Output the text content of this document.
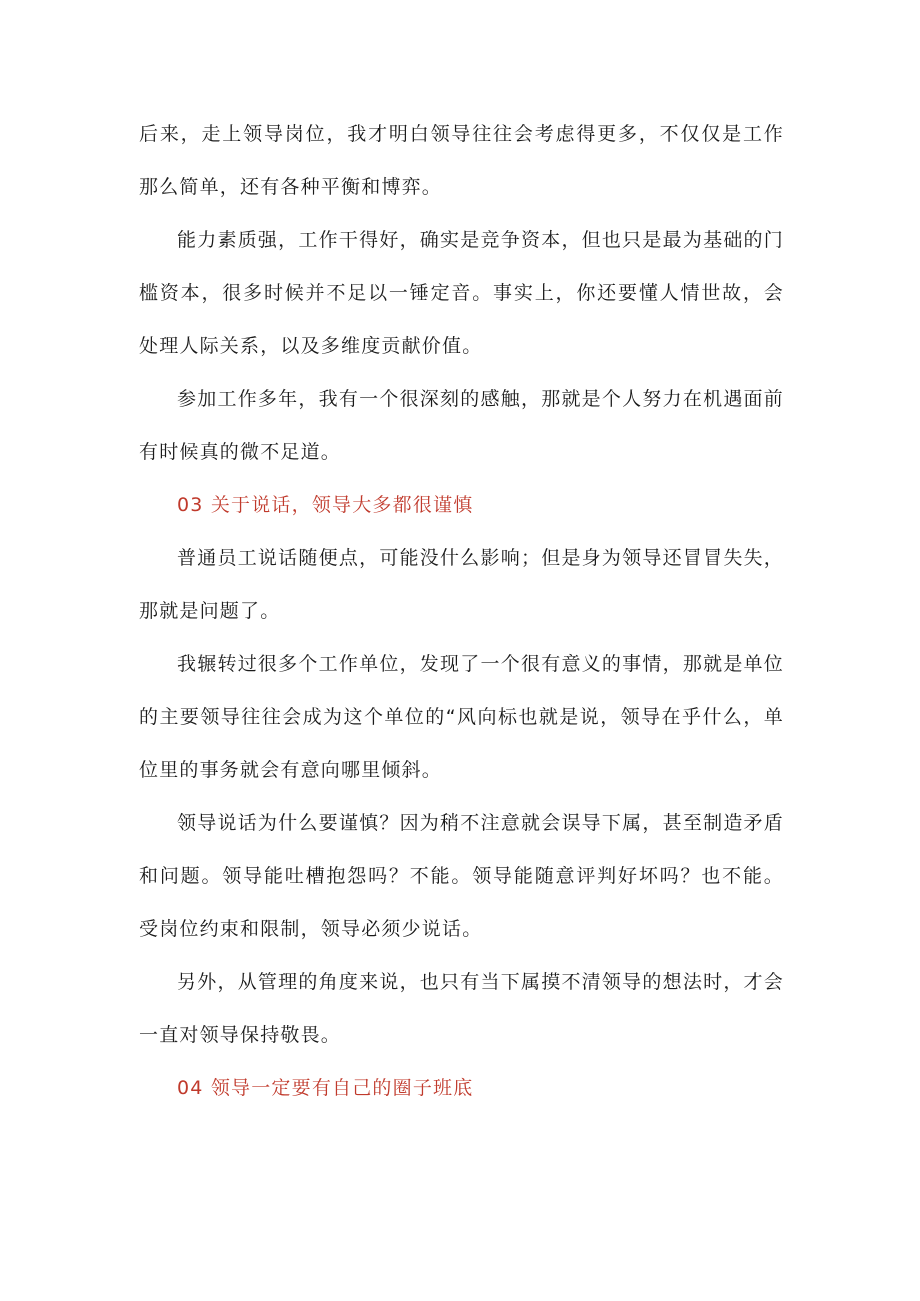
后来，走上领导岗位，我才明白领导往往会考虑得更多，不仅仅是工作那么简单，还有各种平衡和博弈。

能力素质强，工作干得好，确实是竞争资本，但也只是最为基础的门槛资本，很多时候并不足以一锤定音。事实上，你还要懂人情世故，会处理人际关系，以及多维度贡献价值。

参加工作多年，我有一个很深刻的感触，那就是个人努力在机遇面前有时候真的微不足道。

03 关于说话，领导大多都很谨慎

普通员工说话随便点，可能没什么影响；但是身为领导还冒冒失失，那就是问题了。

我辗转过很多个工作单位，发现了一个很有意义的事情，那就是单位的主要领导往往会成为这个单位的“风向标也就是说，领导在乎什么，单位里的事务就会有意向哪里倾斜。

领导说话为什么要谨慎？因为稍不注意就会误导下属，甚至制造矛盾和问题。领导能吐槽抱怨吗？不能。领导能随意评判好坏吗？也不能。受岗位约束和限制，领导必须少说话。

另外，从管理的角度来说，也只有当下属摸不清领导的想法时，才会一直对领导保持敬畏。

04 领导一定要有自己的圈子班底
